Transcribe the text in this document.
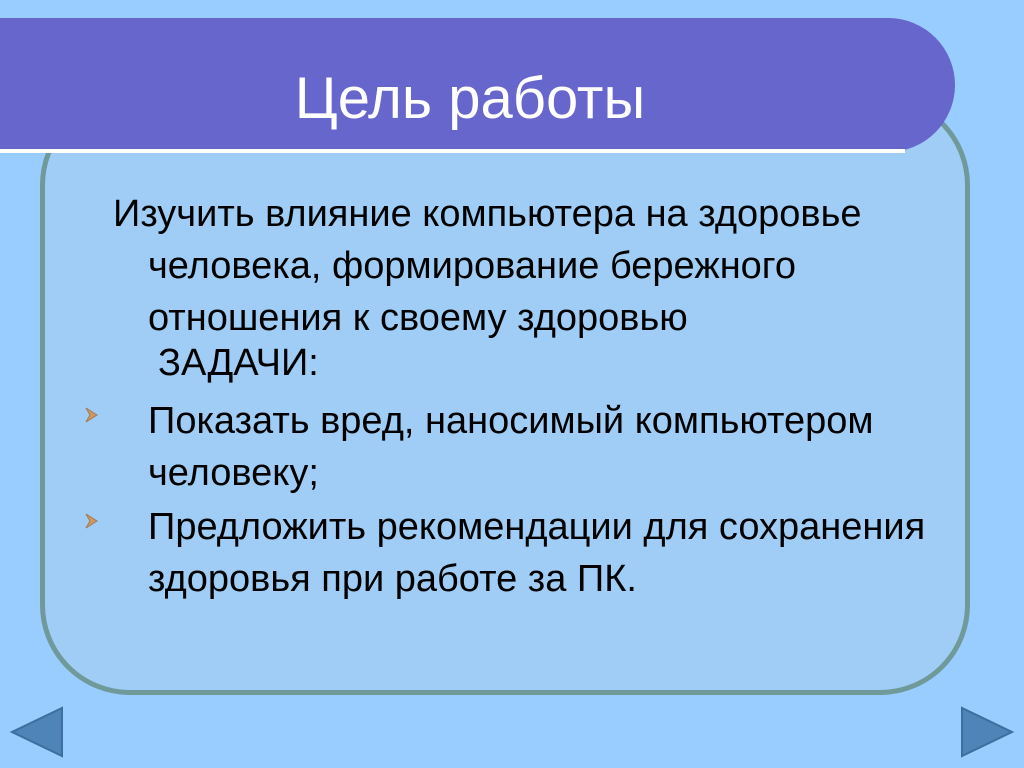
Цель работы
Изучить влияние компьютера на здоровье человека, формирование бережного отношения к своему здоровью
ЗАДАЧИ:
Показать вред, наносимый компьютером человеку;
Предложить рекомендации для сохранения здоровья при работе за ПК.
